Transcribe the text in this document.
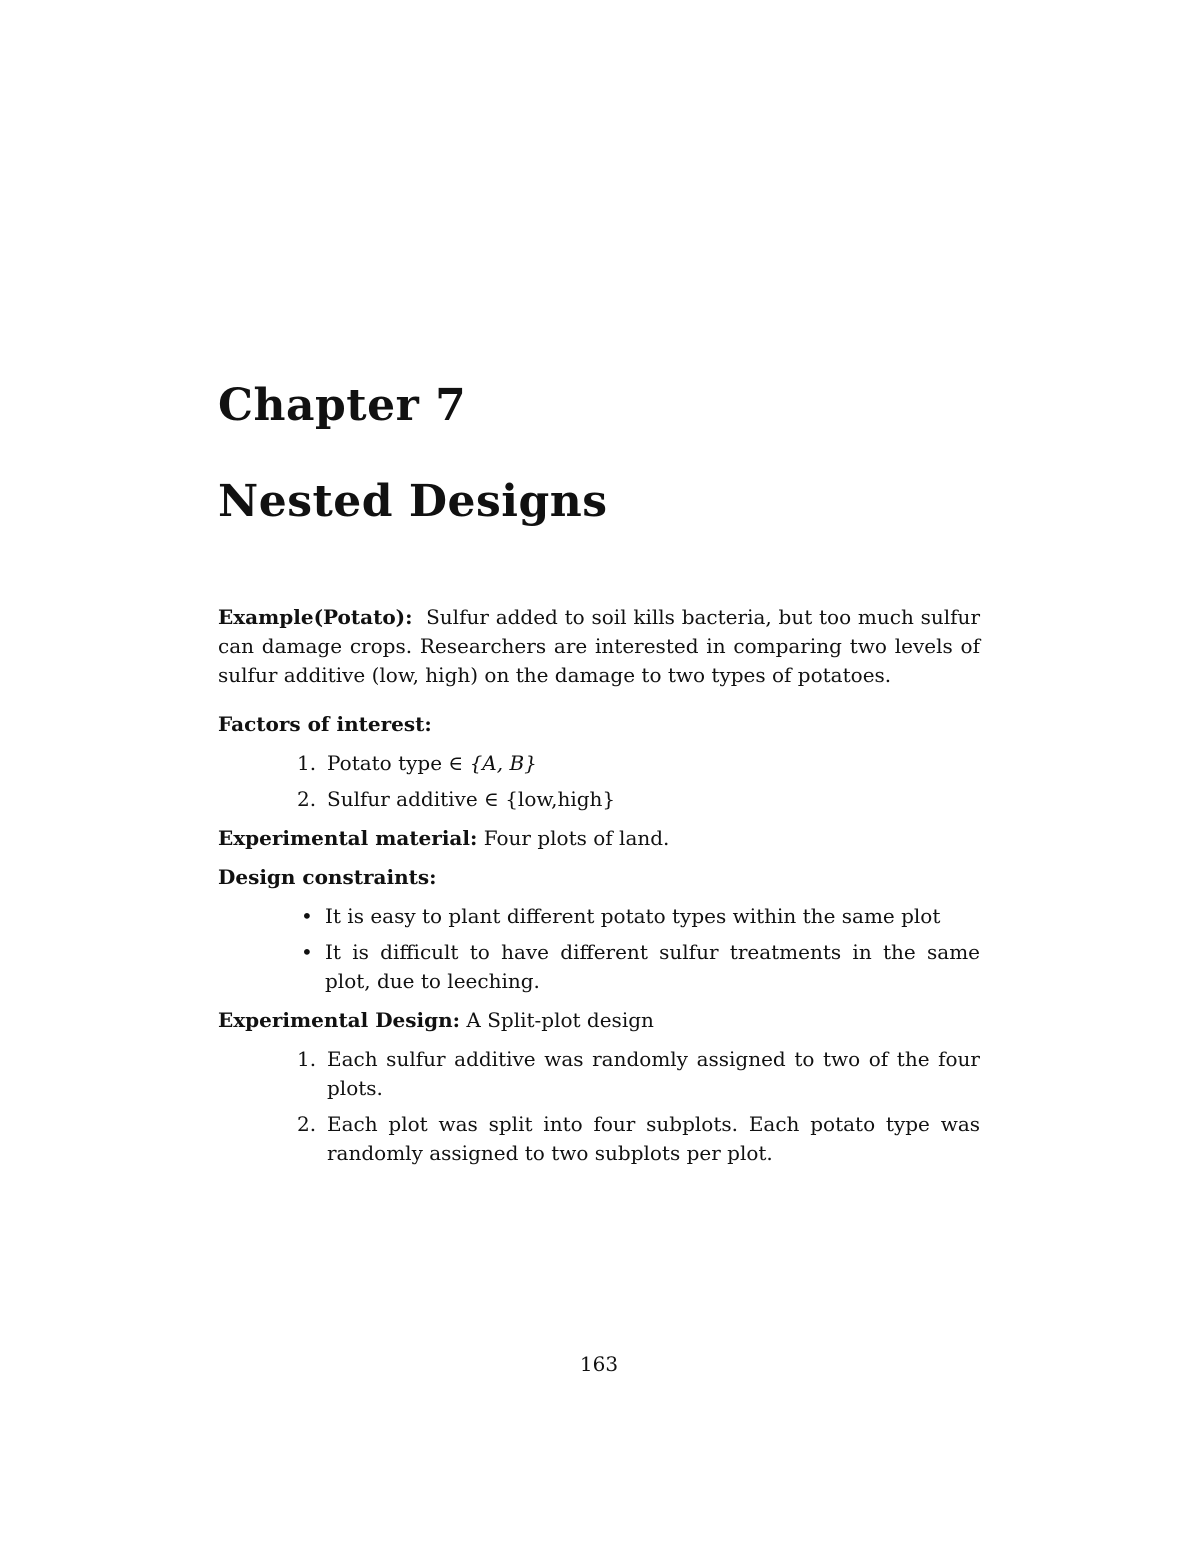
Chapter 7
Nested Designs

Example(Potato): Sulfur added to soil kills bacteria, but too much sulfur can damage crops. Researchers are interested in comparing two levels of sulfur additive (low, high) on the damage to two types of potatoes.

Factors of interest:

1. Potato type ∈ {A, B}
2. Sulfur additive ∈ {low,high}

Experimental material: Four plots of land.

Design constraints:

• It is easy to plant different potato types within the same plot
• It is difficult to have different sulfur treatments in the same plot, due to leeching.

Experimental Design: A Split-plot design

1. Each sulfur additive was randomly assigned to two of the four plots.
2. Each plot was split into four subplots. Each potato type was randomly assigned to two subplots per plot.
163
